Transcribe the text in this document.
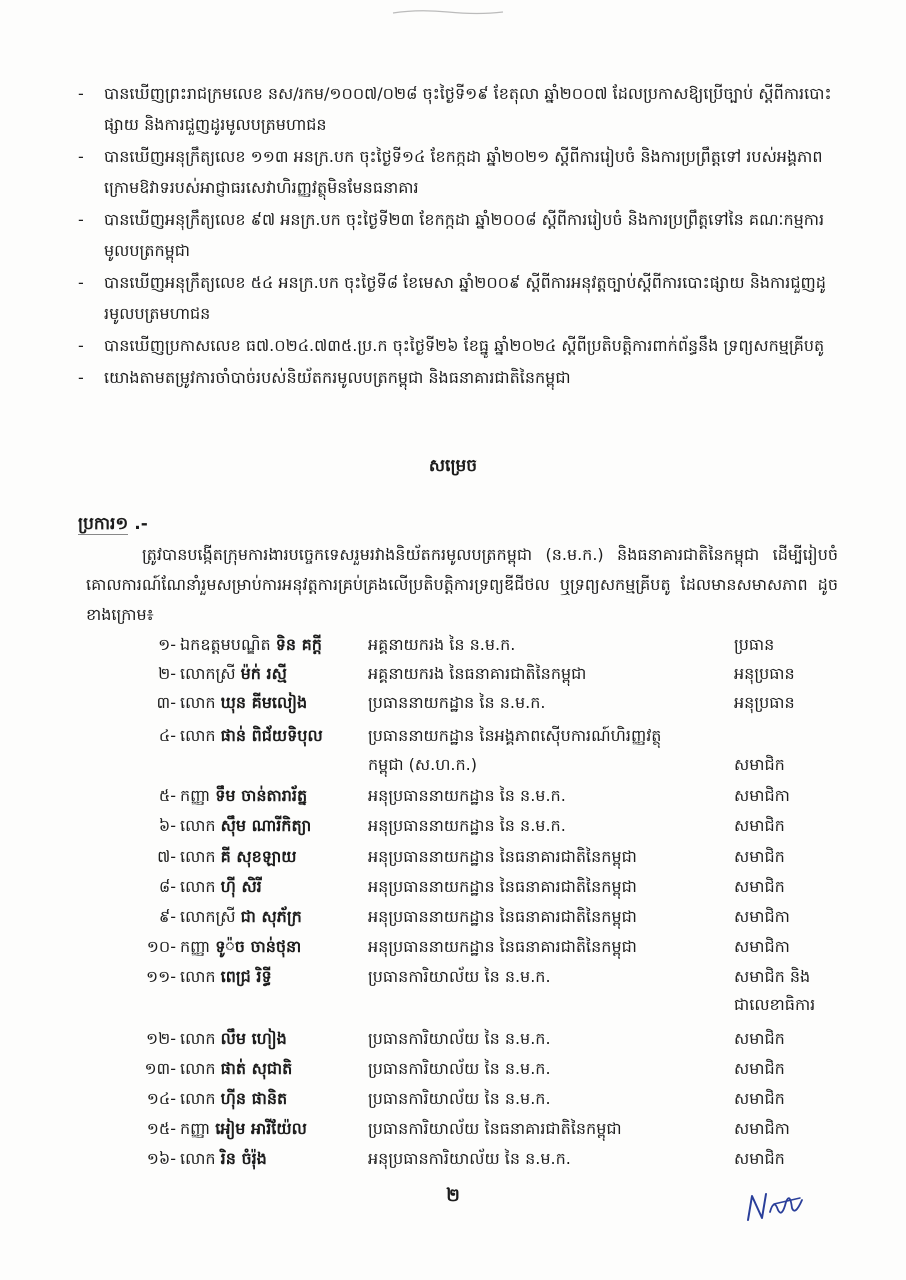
- បានឃើញព្រះរាជក្រមលេខ នស/រកម/១០០៧/០២៨ ចុះថ្ងៃទី១៩ ខែតុលា ឆ្នាំ២០០៧ ដែលប្រកាសឱ្យប្រើច្បាប់ ស្ដីពីការបោះផ្សាយ និងការជួញដូរមូលបត្រមហាជន
- បានឃើញអនុក្រឹត្យលេខ ១១៣ អនក្រ.បក ចុះថ្ងៃទី១៤ ខែកក្កដា ឆ្នាំ២០២១ ស្ដីពីការរៀបចំ និងការប្រព្រឹត្តទៅ របស់អង្គភាពក្រោមឱវាទរបស់អាជ្ញាធរសេវាហិរញ្ញវត្ថុមិនមែនធនាគារ
- បានឃើញអនុក្រឹត្យលេខ ៩៧ អនក្រ.បក ចុះថ្ងៃទី២៣ ខែកក្កដា ឆ្នាំ២០០៨ ស្ដីពីការរៀបចំ និងការប្រព្រឹត្តទៅនៃ គណៈកម្មការមូលបត្រកម្ពុជា
- បានឃើញអនុក្រឹត្យលេខ ៥៤ អនក្រ.បក ចុះថ្ងៃទី៨ ខែមេសា ឆ្នាំ២០០៩ ស្ដីពីការអនុវត្តច្បាប់ស្ដីពីការបោះផ្សាយ និងការជួញដូរមូលបត្រមហាជន
- បានឃើញប្រកាសលេខ ធ៧.០២៤.៧៣៥.ប្រ.ក ចុះថ្ងៃទី២៦ ខែធ្នូ ឆ្នាំ២០២៤ ស្ដីពីប្រតិបត្តិការពាក់ព័ន្ធនឹង ទ្រព្យសកម្មគ្រីបតូ
- យោងតាមតម្រូវការចាំបាច់របស់និយ័តករមូលបត្រកម្ពុជា និងធនាគារជាតិនៃកម្ពុជា
សម្រេច
ប្រការ១ .-
ត្រូវបានបង្កើតក្រុមការងារបច្ចេកទេសរួមរវាងនិយ័តករមូលបត្រកម្ពុជា (ន.ម.ក.) និងធនាគារជាតិនៃកម្ពុជា ដើម្បីរៀបចំគោលការណ៍ណែនាំរួមសម្រាប់ការអនុវត្តការគ្រប់គ្រងលើប្រតិបត្តិការទ្រព្យឌីជីថល ឬទ្រព្យសកម្មគ្រីបតូ ដែលមានសមាសភាព ដូចខាងក្រោម៖
១- ឯកឧត្តមបណ្ឌិត ទិន គក្ដី	អគ្គនាយករង នៃ ន.ម.ក.	ប្រធាន
២- លោកស្រី ម៉ក់ រស្មី	អគ្គនាយករង នៃធនាគារជាតិនៃកម្ពុជា	អនុប្រធាន
៣- លោក ឃុន គីមលៀង	ប្រធាននាយកដ្ឋាន នៃ ន.ម.ក.	អនុប្រធាន
៤- លោក ផាន់ ពិជ័យទិបុល	ប្រធាននាយកដ្ឋាន នៃអង្គភាពស៊ើបការណ៍ហិរញ្ញវត្ថុ
កម្ពុជា (ស.ហ.ក.)	សមាជិក
៥- កញ្ញា ទឹម ចាន់តារារ័ត្ន	អនុប្រធាននាយកដ្ឋាន នៃ ន.ម.ក.	សមាជិកា
៦- លោក ស៊ឹម ណារីកិត្យា	អនុប្រធាននាយកដ្ឋាន នៃ ន.ម.ក.	សមាជិក
៧- លោក គី សុខឡាយ	អនុប្រធាននាយកដ្ឋាន នៃធនាគារជាតិនៃកម្ពុជា	សមាជិក
៨- លោក ហ៊ី សិរី	អនុប្រធាននាយកដ្ឋាន នៃធនាគារជាតិនៃកម្ពុជា	សមាជិក
៩- លោកស្រី ជា សុភ័ក្រ	អនុប្រធាននាយកដ្ឋាន នៃធនាគារជាតិនៃកម្ពុជា	សមាជិកា
១០- កញ្ញា ទូ៉ច ចាន់ថុនា	អនុប្រធាននាយកដ្ឋាន នៃធនាគារជាតិនៃកម្ពុជា	សមាជិកា
១១- លោក ពេជ្រ រិទ្ធី	ប្រធានការិយាល័យ នៃ ន.ម.ក.	សមាជិក និង
ជាលេខាធិការ
១២- លោក លឹម ហៀង	ប្រធានការិយាល័យ នៃ ន.ម.ក.	សមាជិក
១៣- លោក ផាត់ សុជាតិ	ប្រធានការិយាល័យ នៃ ន.ម.ក.	សមាជិក
១៤- លោក ហ៊ីន ផានិត	ប្រធានការិយាល័យ នៃ ន.ម.ក.	សមាជិក
១៥- កញ្ញា អៀម អារីយ៉ែល	ប្រធានការិយាល័យ នៃធនាគារជាតិនៃកម្ពុជា	សមាជិកា
១៦- លោក រិន ចំរ៉ុង	អនុប្រធានការិយាល័យ នៃ ន.ម.ក.	សមាជិក
២
